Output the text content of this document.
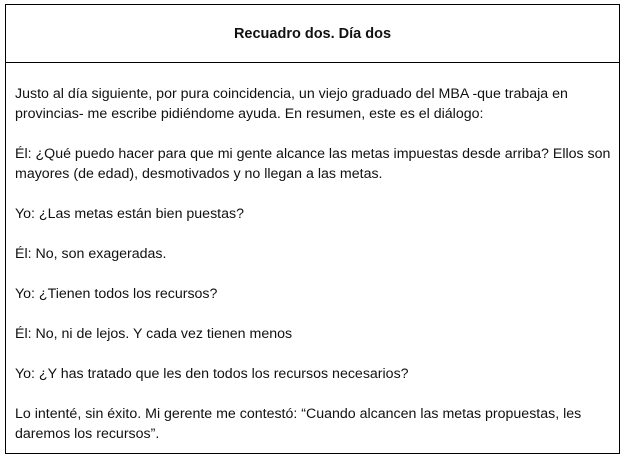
Recuadro dos. Día dos

Justo al día siguiente, por pura coincidencia, un viejo graduado del MBA -que trabaja en provincias- me escribe pidiéndome ayuda. En resumen, este es el diálogo:

Él: ¿Qué puedo hacer para que mi gente alcance las metas impuestas desde arriba? Ellos son mayores (de edad), desmotivados y no llegan a las metas.

Yo: ¿Las metas están bien puestas?

Él: No, son exageradas.

Yo: ¿Tienen todos los recursos?

Él: No, ni de lejos. Y cada vez tienen menos

Yo: ¿Y has tratado que les den todos los recursos necesarios?

Lo intenté, sin éxito. Mi gerente me contestó: “Cuando alcancen las metas propuestas, les daremos los recursos”.
